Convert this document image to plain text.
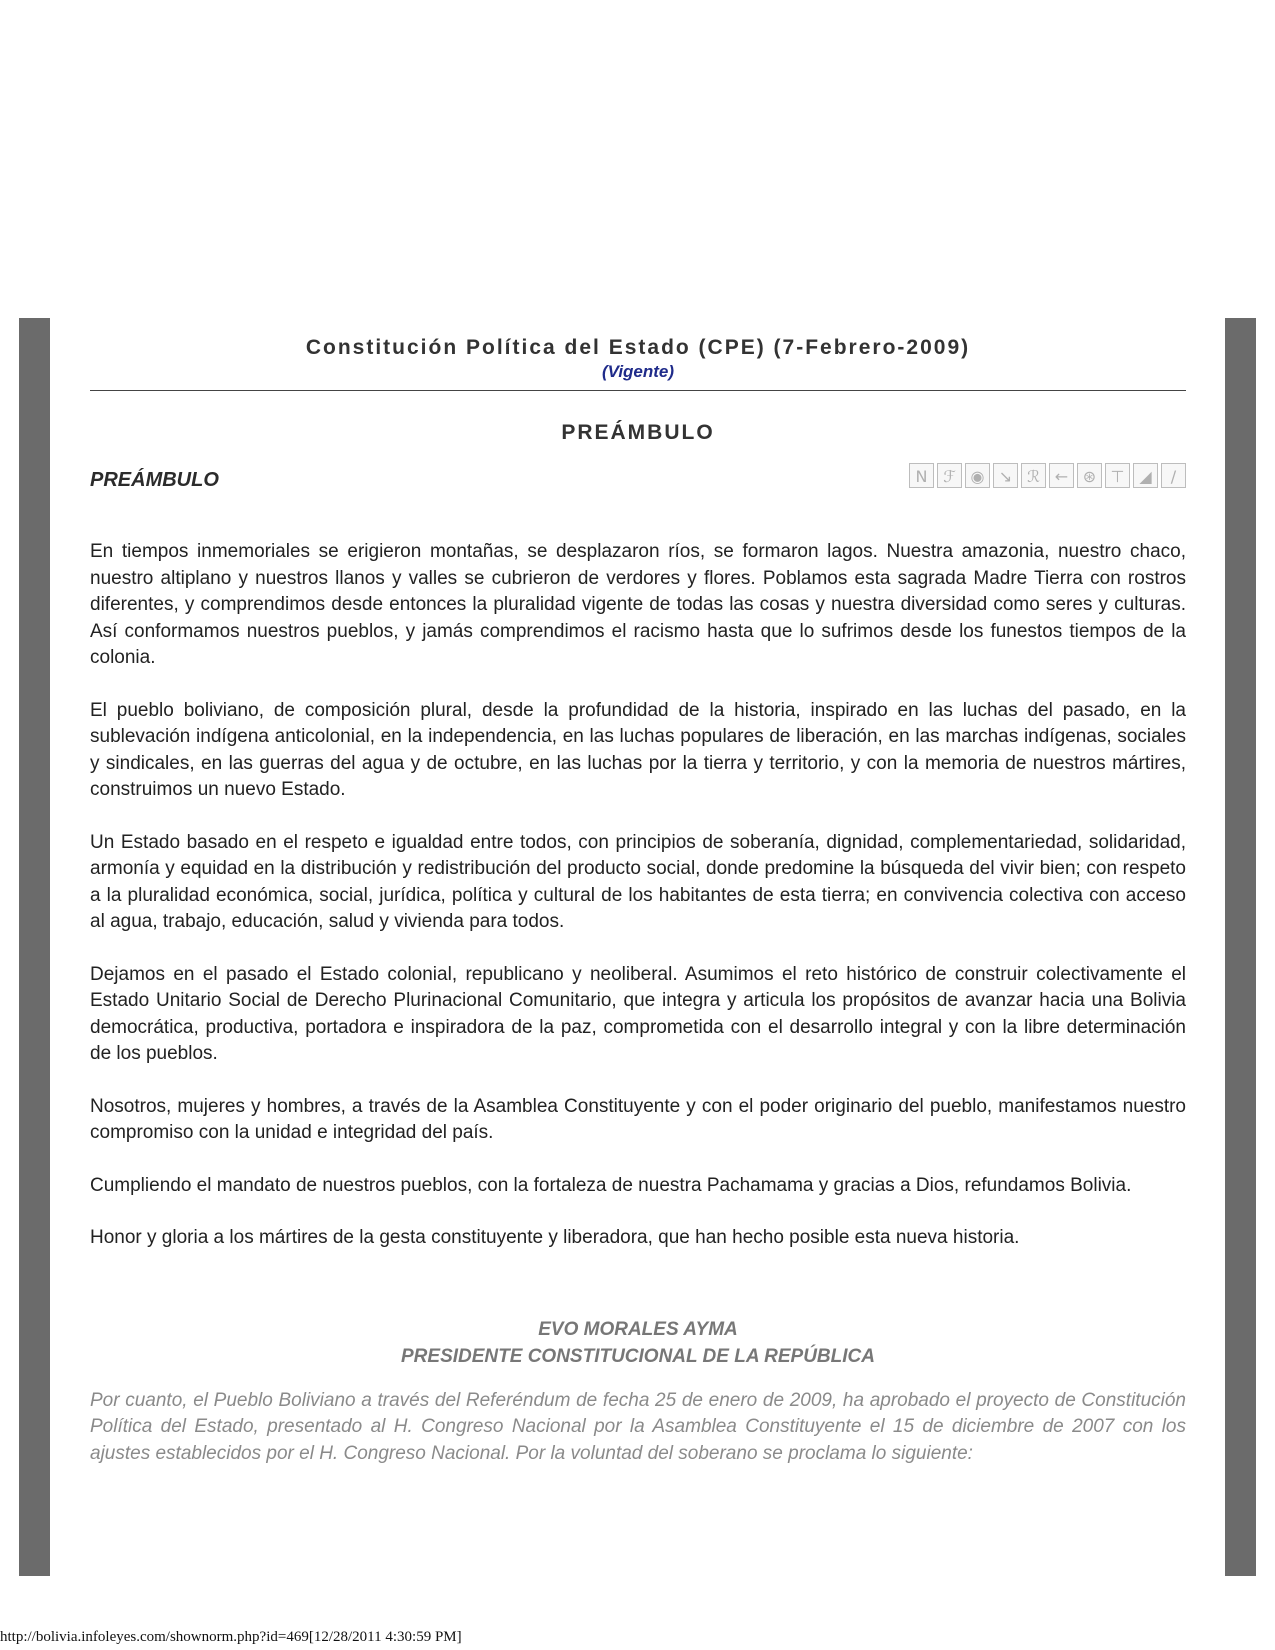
Constitución Política del Estado (CPE) (7-Febrero-2009)

(Vigente)

PREÁMBULO
PREÁMBULO	N ℱ ◉ ↘ ℛ ← ⊛ ⊤ ◢	/

En tiempos inmemoriales se erigieron montañas, se desplazaron ríos, se formaron lagos. Nuestra amazonia, nuestro chaco, nuestro altiplano y nuestros llanos y valles se cubrieron de verdores y flores. Poblamos esta sagrada Madre Tierra con rostros diferentes, y comprendimos desde entonces la pluralidad vigente de todas las cosas y nuestra diversidad como seres y culturas. Así conformamos nuestros pueblos, y jamás comprendimos el racismo hasta que lo sufrimos desde los funestos tiempos de la colonia.

El pueblo boliviano, de composición plural, desde la profundidad de la historia, inspirado en las luchas del pasado, en la sublevación indígena anticolonial, en la independencia, en las luchas populares de liberación, en las marchas indígenas, sociales y sindicales, en las guerras del agua y de octubre, en las luchas por la tierra y territorio, y con la memoria de nuestros mártires, construimos un nuevo Estado.

Un Estado basado en el respeto e igualdad entre todos, con principios de soberanía, dignidad, complementariedad, solidaridad, armonía y equidad en la distribución y redistribución del producto social, donde predomine la búsqueda del vivir bien; con respeto a la pluralidad económica, social, jurídica, política y cultural de los habitantes de esta tierra; en convivencia colectiva con acceso al agua, trabajo, educación, salud y vivienda para todos.

Dejamos en el pasado el Estado colonial, republicano y neoliberal. Asumimos el reto histórico de construir colectivamente el Estado Unitario Social de Derecho Plurinacional Comunitario, que integra y articula los propósitos de avanzar hacia una Bolivia democrática, productiva, portadora e inspiradora de la paz, comprometida con el desarrollo integral y con la libre determinación de los pueblos.

Nosotros, mujeres y hombres, a través de la Asamblea Constituyente y con el poder originario del pueblo, manifestamos nuestro compromiso con la unidad e integridad del país.

Cumpliendo el mandato de nuestros pueblos, con la fortaleza de nuestra Pachamama y gracias a Dios, refundamos Bolivia.

Honor y gloria a los mártires de la gesta constituyente y liberadora, que han hecho posible esta nueva historia.

EVO MORALES AYMA

PRESIDENTE CONSTITUCIONAL DE LA REPÚBLICA

Por cuanto, el Pueblo Boliviano a través del Referéndum de fecha 25 de enero de 2009, ha aprobado el proyecto de Constitución Política del Estado, presentado al H. Congreso Nacional por la Asamblea Constituyente el 15 de diciembre de 2007 con los ajustes establecidos por el H. Congreso Nacional. Por la voluntad del soberano se proclama lo siguiente:

http://bolivia.infoleyes.com/shownorm.php?id=469[12/28/2011 4:30:59 PM]
